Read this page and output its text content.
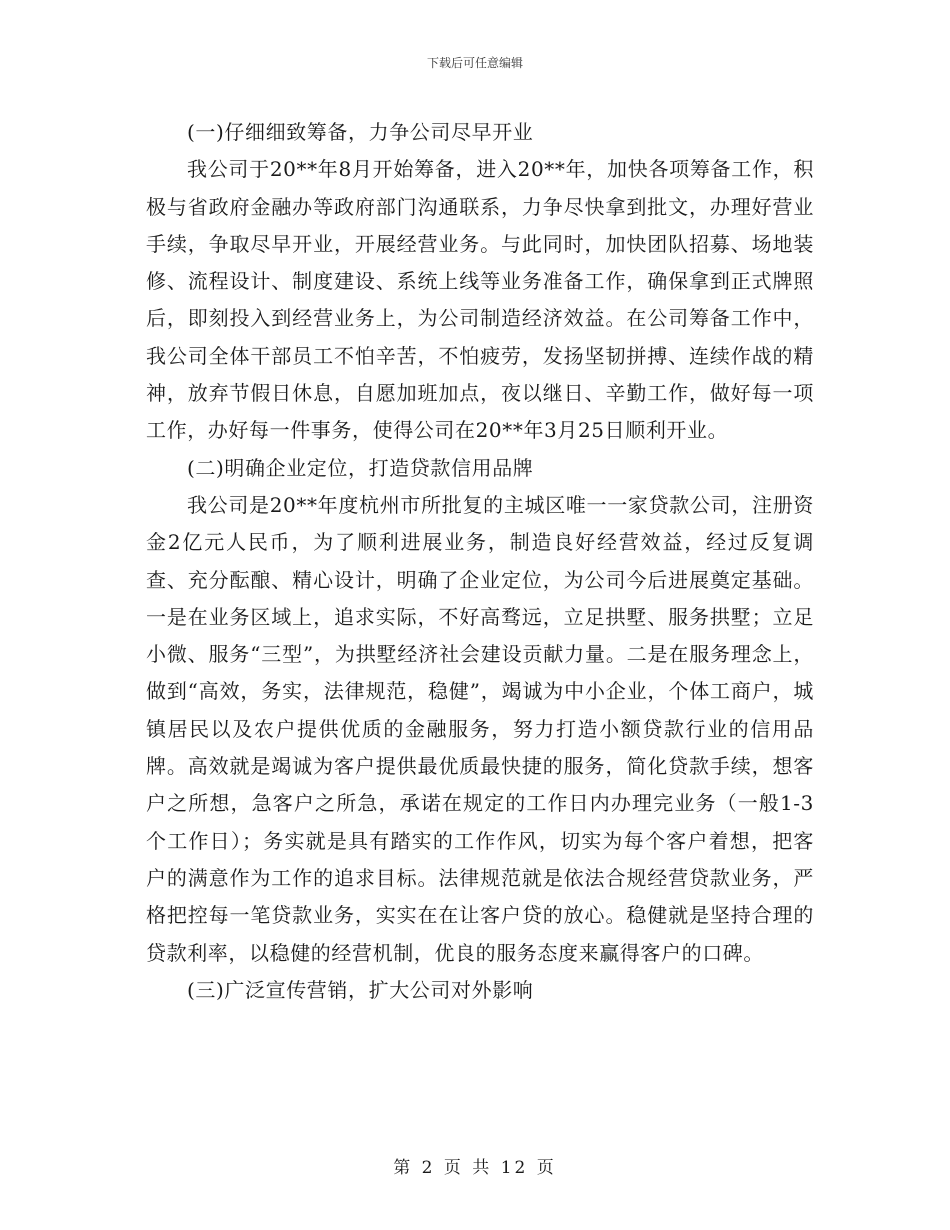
下载后可任意编辑

(一)仔细细致筹备，力争公司尽早开业

我公司于20**年8月开始筹备，进入20**年，加快各项筹备工作，积极与省政府金融办等政府部门沟通联系，力争尽快拿到批文，办理好营业手续，争取尽早开业，开展经营业务。与此同时，加快团队招募、场地装修、流程设计、制度建设、系统上线等业务准备工作，确保拿到正式牌照后，即刻投入到经营业务上，为公司制造经济效益。在公司筹备工作中，我公司全体干部员工不怕辛苦，不怕疲劳，发扬坚韧拼搏、连续作战的精神，放弃节假日休息，自愿加班加点，夜以继日、辛勤工作，做好每一项工作，办好每一件事务，使得公司在20**年3月25日顺利开业。

(二)明确企业定位，打造贷款信用品牌

我公司是20**年度杭州市所批复的主城区唯一一家贷款公司，注册资金2亿元人民币，为了顺利进展业务，制造良好经营效益，经过反复调查、充分酝酿、精心设计，明确了企业定位，为公司今后进展奠定基础。一是在业务区域上，追求实际，不好高骛远，立足拱墅、服务拱墅；立足小微、服务“三型”，为拱墅经济社会建设贡献力量。二是在服务理念上，做到“高效，务实，法律规范，稳健”，竭诚为中小企业，个体工商户，城镇居民以及农户提供优质的金融服务，努力打造小额贷款行业的信用品牌。高效就是竭诚为客户提供最优质最快捷的服务，简化贷款手续，想客户之所想，急客户之所急，承诺在规定的工作日内办理完业务（一般1-3个工作日）；务实就是具有踏实的工作作风，切实为每个客户着想，把客户的满意作为工作的追求目标。法律规范就是依法合规经营贷款业务，严格把控每一笔贷款业务，实实在在让客户贷的放心。稳健就是坚持合理的贷款利率，以稳健的经营机制，优良的服务态度来赢得客户的口碑。

(三)广泛宣传营销，扩大公司对外影响

第 2 页 共 12 页
